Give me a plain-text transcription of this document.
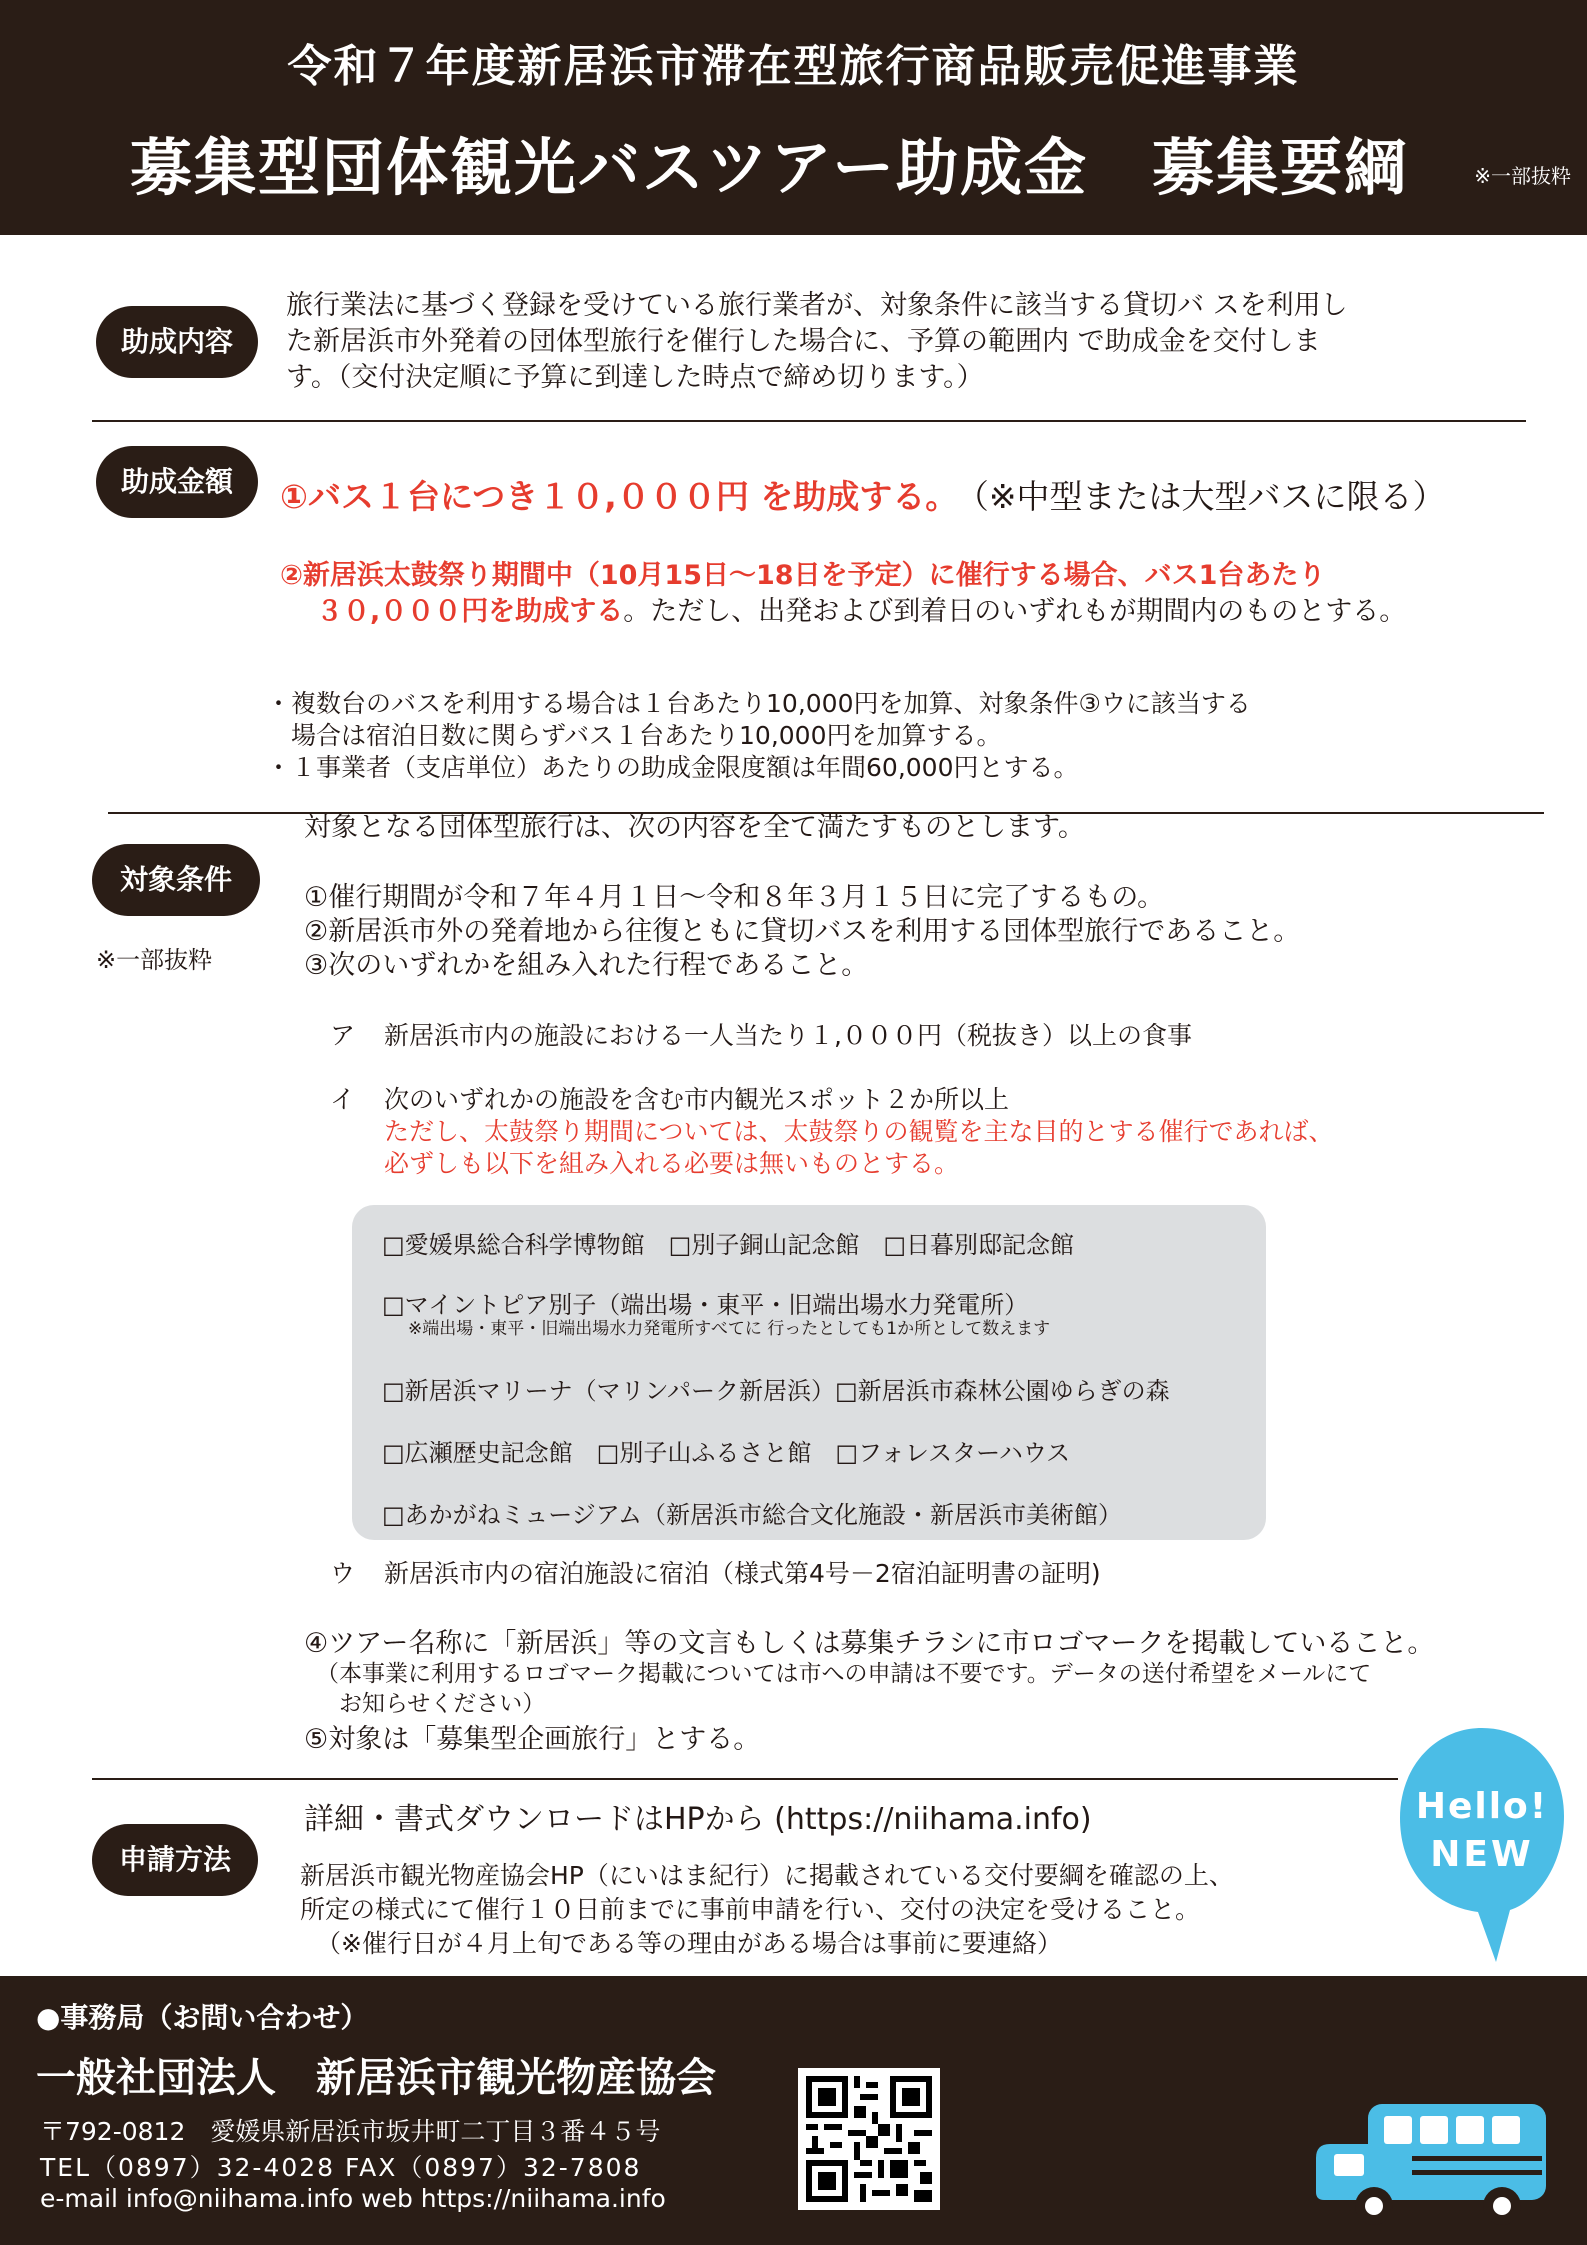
令和７年度新居浜市滞在型旅行商品販売促進事業
募集型団体観光バスツアー助成金　募集要綱	※一部抜粋
助成内容
旅行業法に基づく登録を受けている旅行業者が、対象条件に該当する貸切バ スを利用し
た新居浜市外発着の団体型旅行を催行した場合に、予算の範囲内 で助成金を交付しま
す。（交付決定順に予算に到達した時点で締め切ります。）
助成金額	①バス１台につき１０,０００円 を助成する。 （※中型または大型バスに限る）
②新居浜太鼓祭り期間中（10月15日〜18日を予定）に催行する場合、バス1台あたり
３０,０００円を助成する。ただし、出発および到着日のいずれもが期間内のものとする。
・複数台のバスを利用する場合は１台あたり10,000円を加算、対象条件③ウに該当する
　場合は宿泊日数に関らずバス１台あたり10,000円を加算する。
・１事業者（支店単位）あたりの助成金限度額は年間60,000円とする。
対象条件
※一部抜粋
対象となる団体型旅行は、次の内容を全て満たすものとします。
①催行期間が令和７年４月１日〜令和８年３月１５日に完了するもの。
②新居浜市外の発着地から往復ともに貸切バスを利用する団体型旅行であること。
③次のいずれかを組み入れた行程であること。
ア 新居浜市内の施設における一人当たり１,０００円（税抜き）以上の食事
イ 次のいずれかの施設を含む市内観光スポット２か所以上
ただし、太鼓祭り期間については、太鼓祭りの観覧を主な目的とする催行であれば、
必ずしも以下を組み入れる必要は無いものとする。
□愛媛県総合科学博物館　□別子銅山記念館　□日暮別邸記念館
□マイントピア別子（端出場・東平・旧端出場水力発電所）
※端出場・東平・旧端出場水力発電所すべてに 行ったとしても1か所として数えます
□新居浜マリーナ（マリンパーク新居浜）□新居浜市森林公園ゆらぎの森
□広瀬歴史記念館　□別子山ふるさと館　□フォレスターハウス
□あかがねミュージアム（新居浜市総合文化施設・新居浜市美術館）
ウ 新居浜市内の宿泊施設に宿泊（様式第4号－2宿泊証明書の証明)
④ツアー名称に「新居浜」等の文言もしくは募集チラシに市ロゴマークを掲載していること。
（本事業に利用するロゴマーク掲載については市への申請は不要です。データの送付希望をメールにて
　お知らせください）
⑤対象は「募集型企画旅行」とする。
申請方法
詳細・書式ダウンロードはHPから (https://niihama.info)
新居浜市観光物産協会HP（にいはま紀行）に掲載されている交付要綱を確認の上、
所定の様式にて催行１０日前までに事前申請を行い、交付の決定を受けること。
（※催行日が４月上旬である等の理由がある場合は事前に要連絡）
Hello!
NEW
●事務局（お問い合わせ）
一般社団法人　新居浜市観光物産協会
〒792-0812　愛媛県新居浜市坂井町二丁目３番４５号
TEL（0897）32-4028 FAX（0897）32-7808
e-mail info@niihama.info web https://niihama.info
